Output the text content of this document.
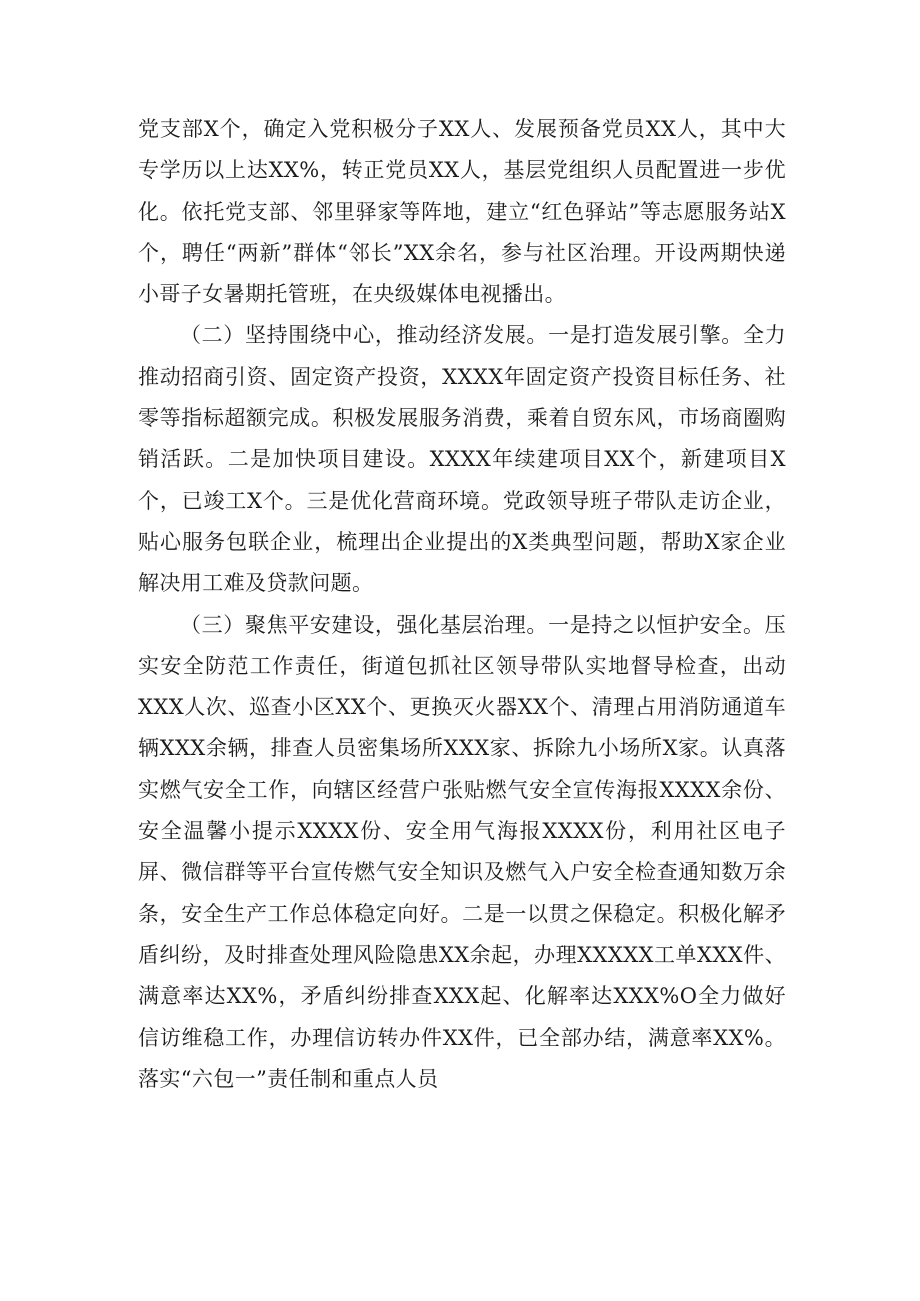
党支部X个，确定入党积极分子XX人、发展预备党员XX人，其中大专学历以上达XX%，转正党员XX人，基层党组织人员配置进一步优化。依托党支部、邻里驿家等阵地，建立“红色驿站”等志愿服务站X个，聘任“两新”群体“邻长”XX余名，参与社区治理。开设两期快递小哥子女暑期托管班，在央级媒体电视播出。

（二）坚持围绕中心，推动经济发展。一是打造发展引擎。全力推动招商引资、固定资产投资，XXXX年固定资产投资目标任务、社零等指标超额完成。积极发展服务消费，乘着自贸东风，市场商圈购销活跃。二是加快项目建设。XXXX年续建项目XX个，新建项目X个，已竣工X个。三是优化营商环境。党政领导班子带队走访企业，贴心服务包联企业，梳理出企业提出的X类典型问题，帮助X家企业解决用工难及贷款问题。

（三）聚焦平安建设，强化基层治理。一是持之以恒护安全。压实安全防范工作责任，街道包抓社区领导带队实地督导检查，出动XXX人次、巡查小区XX个、更换灭火器XX个、清理占用消防通道车辆XXX余辆，排查人员密集场所XXX家、拆除九小场所X家。认真落实燃气安全工作，向辖区经营户张贴燃气安全宣传海报XXXX余份、安全温馨小提示XXXX份、安全用气海报XXXX份，利用社区电子屏、微信群等平台宣传燃气安全知识及燃气入户安全检查通知数万余条，安全生产工作总体稳定向好。二是一以贯之保稳定。积极化解矛盾纠纷，及时排查处理风险隐患XX余起，办理XXXXX工单XXX件、满意率达XX%，矛盾纠纷排查XXX起、化解率达XXX%O全力做好信访维稳工作，办理信访转办件XX件，已全部办结，满意率XX%。落实“六包一”责任制和重点人员
